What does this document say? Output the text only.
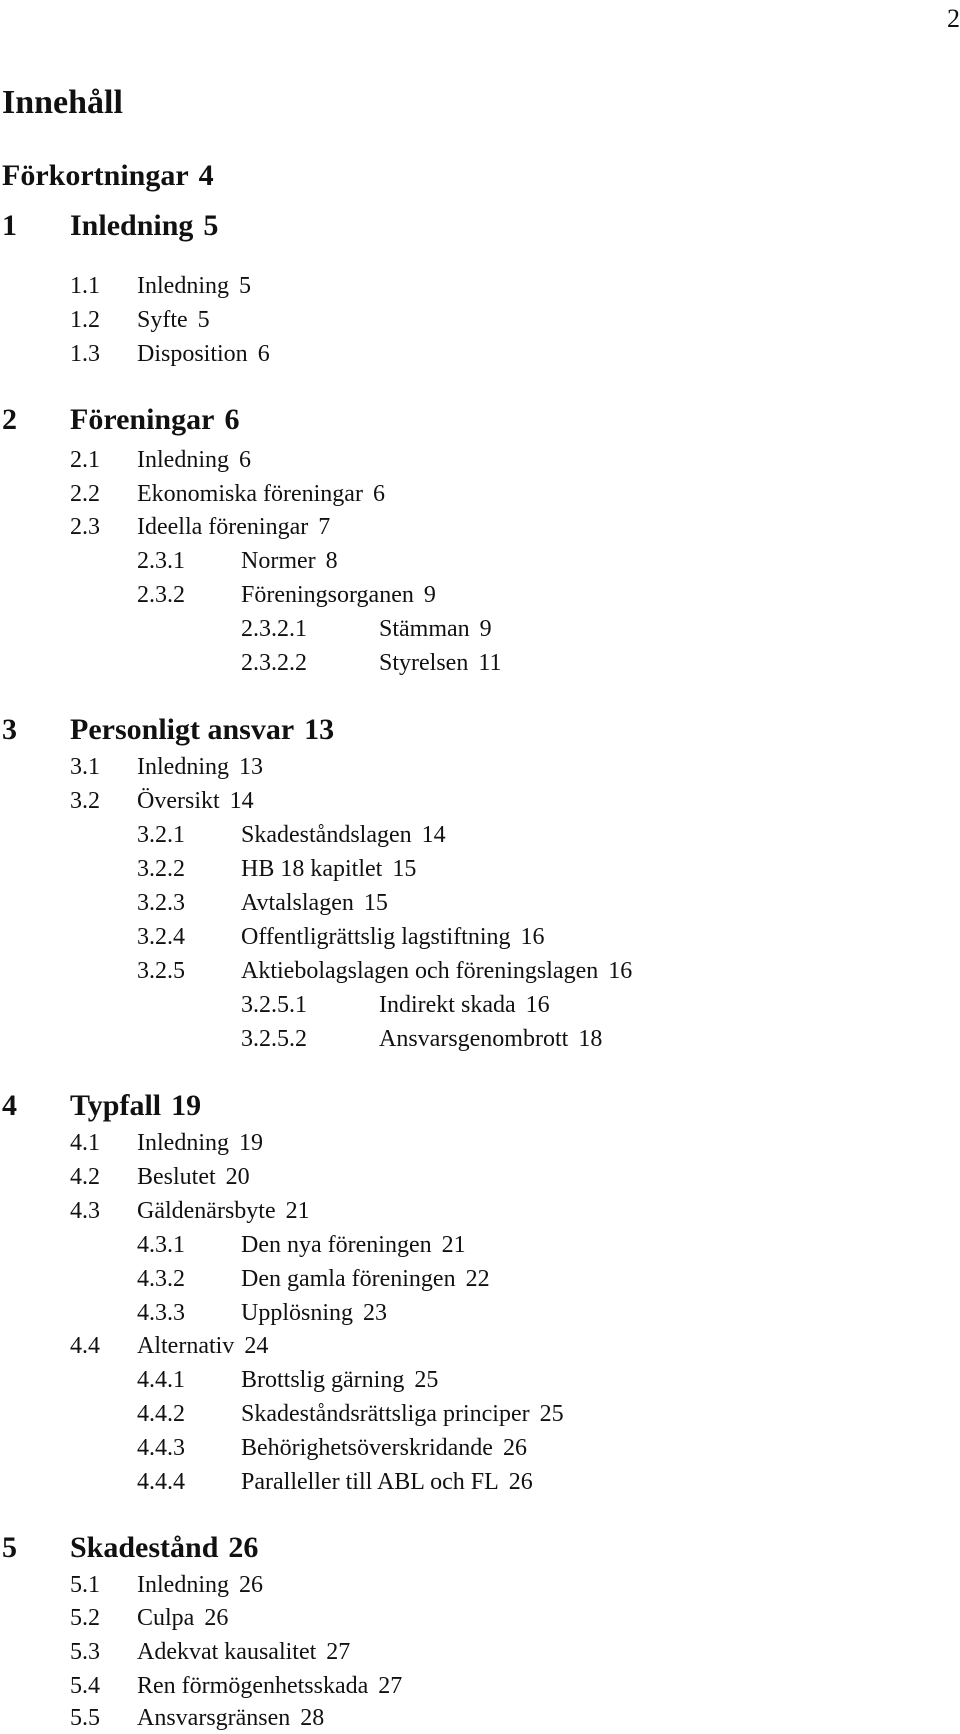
2
Innehåll
Förkortningar 4
1 Inledning 5
1.1 Inledning 5
1.2 Syfte 5
1.3 Disposition 6
2 Föreningar 6
2.1 Inledning 6
2.2 Ekonomiska föreningar 6
2.3 Ideella föreningar 7
2.3.1 Normer 8
2.3.2 Föreningsorganen 9
2.3.2.1	Stämman 9
2.3.2.2	Styrelsen 11
3 Personligt ansvar 13
3.1 Inledning 13
3.2 Översikt 14
3.2.1 Skadeståndslagen 14
3.2.2 HB 18 kapitlet 15
3.2.3 Avtalslagen 15
3.2.4 Offentligrättslig lagstiftning 16
3.2.5 Aktiebolagslagen och föreningslagen 16
3.2.5.1	Indirekt skada 16
3.2.5.2	Ansvarsgenombrott 18
4 Typfall 19
4.1 Inledning 19
4.2 Beslutet 20
4.3 Gäldenärsbyte 21
4.3.1 Den nya föreningen 21
4.3.2 Den gamla föreningen 22
4.3.3 Upplösning 23
4.4 Alternativ 24
4.4.1 Brottslig gärning 25
4.4.2 Skadeståndsrättsliga principer 25
4.4.3 Behörighetsöverskridande 26
4.4.4 Paralleller till ABL och FL 26
5 Skadestånd 26
5.1 Inledning 26
5.2 Culpa 26
5.3 Adekvat kausalitet 27
5.4 Ren förmögenhetsskada 27
5.5 Ansvarsgränsen 28
